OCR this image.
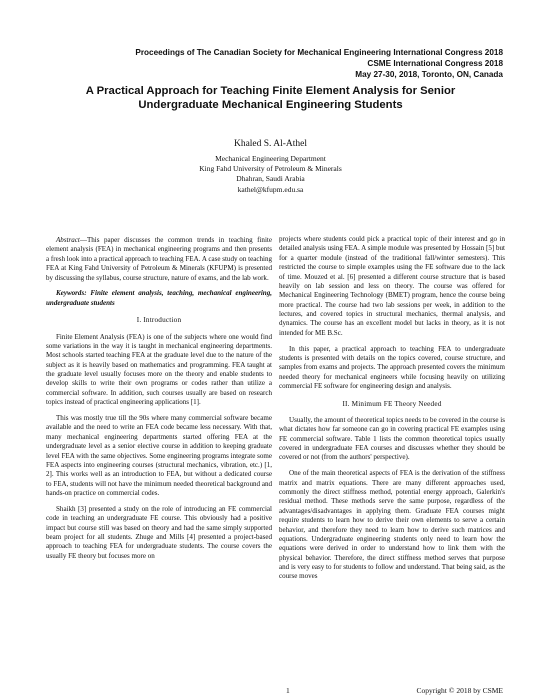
Proceedings of The Canadian Society for Mechanical Engineering International Congress 2018
CSME International Congress 2018
May 27-30, 2018, Toronto, ON, Canada
A Practical Approach for Teaching Finite Element Analysis for Senior
Undergraduate Mechanical Engineering Students
Khaled S. Al-Athel
Mechanical Engineering Department
King Fahd University of Petroleum & Minerals
Dhahran, Saudi Arabia
kathel@kfupm.edu.sa

Abstract—This paper discusses the common trends in teaching finite element analysis (FEA) in mechanical engineering programs and then presents a fresh look into a practical approach to teaching FEA. A case study on teaching FEA at King Fahd University of Petroleum & Minerals (KFUPM) is presented by discussing the syllabus, course structure, nature of exams, and the lab work.

Keywords: Finite element analysis, teaching, mechanical engineering, undergraduate students

I. Introduction

Finite Element Analysis (FEA) is one of the subjects where one would find some variations in the way it is taught in mechanical engineering departments. Most schools started teaching FEA at the graduate level due to the nature of the subject as it is heavily based on mathematics and programming. FEA taught at the graduate level usually focuses more on the theory and enable students to develop skills to write their own programs or codes rather than utilize a commercial software. In addition, such courses usually are based on research topics instead of practical engineering applications [1].

This was mostly true till the 90s where many commercial software became available and the need to write an FEA code became less necessary. With that, many mechanical engineering departments started offering FEA at the undergraduate level as a senior elective course in addition to keeping graduate level FEA with the same objectives. Some engineering programs integrate some FEA aspects into engineering courses (structural mechanics, vibration, etc.) [1, 2]. This works well as an introduction to FEA, but without a dedicated course to FEA, students will not have the minimum needed theoretical background and hands-on practice on commercial codes.

Shaikh [3] presented a study on the role of introducing an FE commercial code in teaching an undergraduate FE course. This obviously had a positive impact but course still was based on theory and had the same simply supported beam project for all students. Zhuge and Mills [4] presented a project-based approach to teaching FEA for undergraduate students. The course covers the usually FE theory but focuses more on

projects where students could pick a practical topic of their interest and go in detailed analysis using FEA. A simple module was presented by Hossain [5] but for a quarter module (instead of the traditional fall/winter semesters). This restricted the course to simple examples using the FE software due to the lack of time. Mouzed et al. [6] presented a different course structure that is based heavily on lab session and less on theory. The course was offered for Mechanical Engineering Technology (BMET) program, hence the course being more practical. The course had two lab sessions per week, in addition to the lectures, and covered topics in structural mechanics, thermal analysis, and dynamics. The course has an excellent model but lacks in theory, as it is not intended for ME B.Sc.

In this paper, a practical approach to teaching FEA to undergraduate students is presented with details on the topics covered, course structure, and samples from exams and projects. The approach presented covers the minimum needed theory for mechanical engineers while focusing heavily on utilizing commercial FE software for engineering design and analysis.

II. Minimum FE Theory Needed

Usually, the amount of theoretical topics needs to be covered in the course is what dictates how far someone can go in covering practical FE examples using FE commercial software. Table 1 lists the common theoretical topics usually covered in undergraduate FEA courses and discusses whether they should be covered or not (from the authors' perspective).

One of the main theoretical aspects of FEA is the derivation of the stiffness matrix and matrix equations. There are many different approaches used, commonly the direct stiffness method, potential energy approach, Galerkin's residual method. These methods serve the same purpose, regardless of the advantages/disadvantages in applying them. Graduate FEA courses might require students to learn how to derive their own elements to serve a certain behavior, and therefore they need to learn how to derive such matrices and equations. Undergraduate engineering students only need to learn how the equations were derived in order to understand how to link them with the physical behavior. Therefore, the direct stiffness method serves that purpose and is very easy to for students to follow and understand. That being said, as the course moves

1	Copyright © 2018 by CSME
